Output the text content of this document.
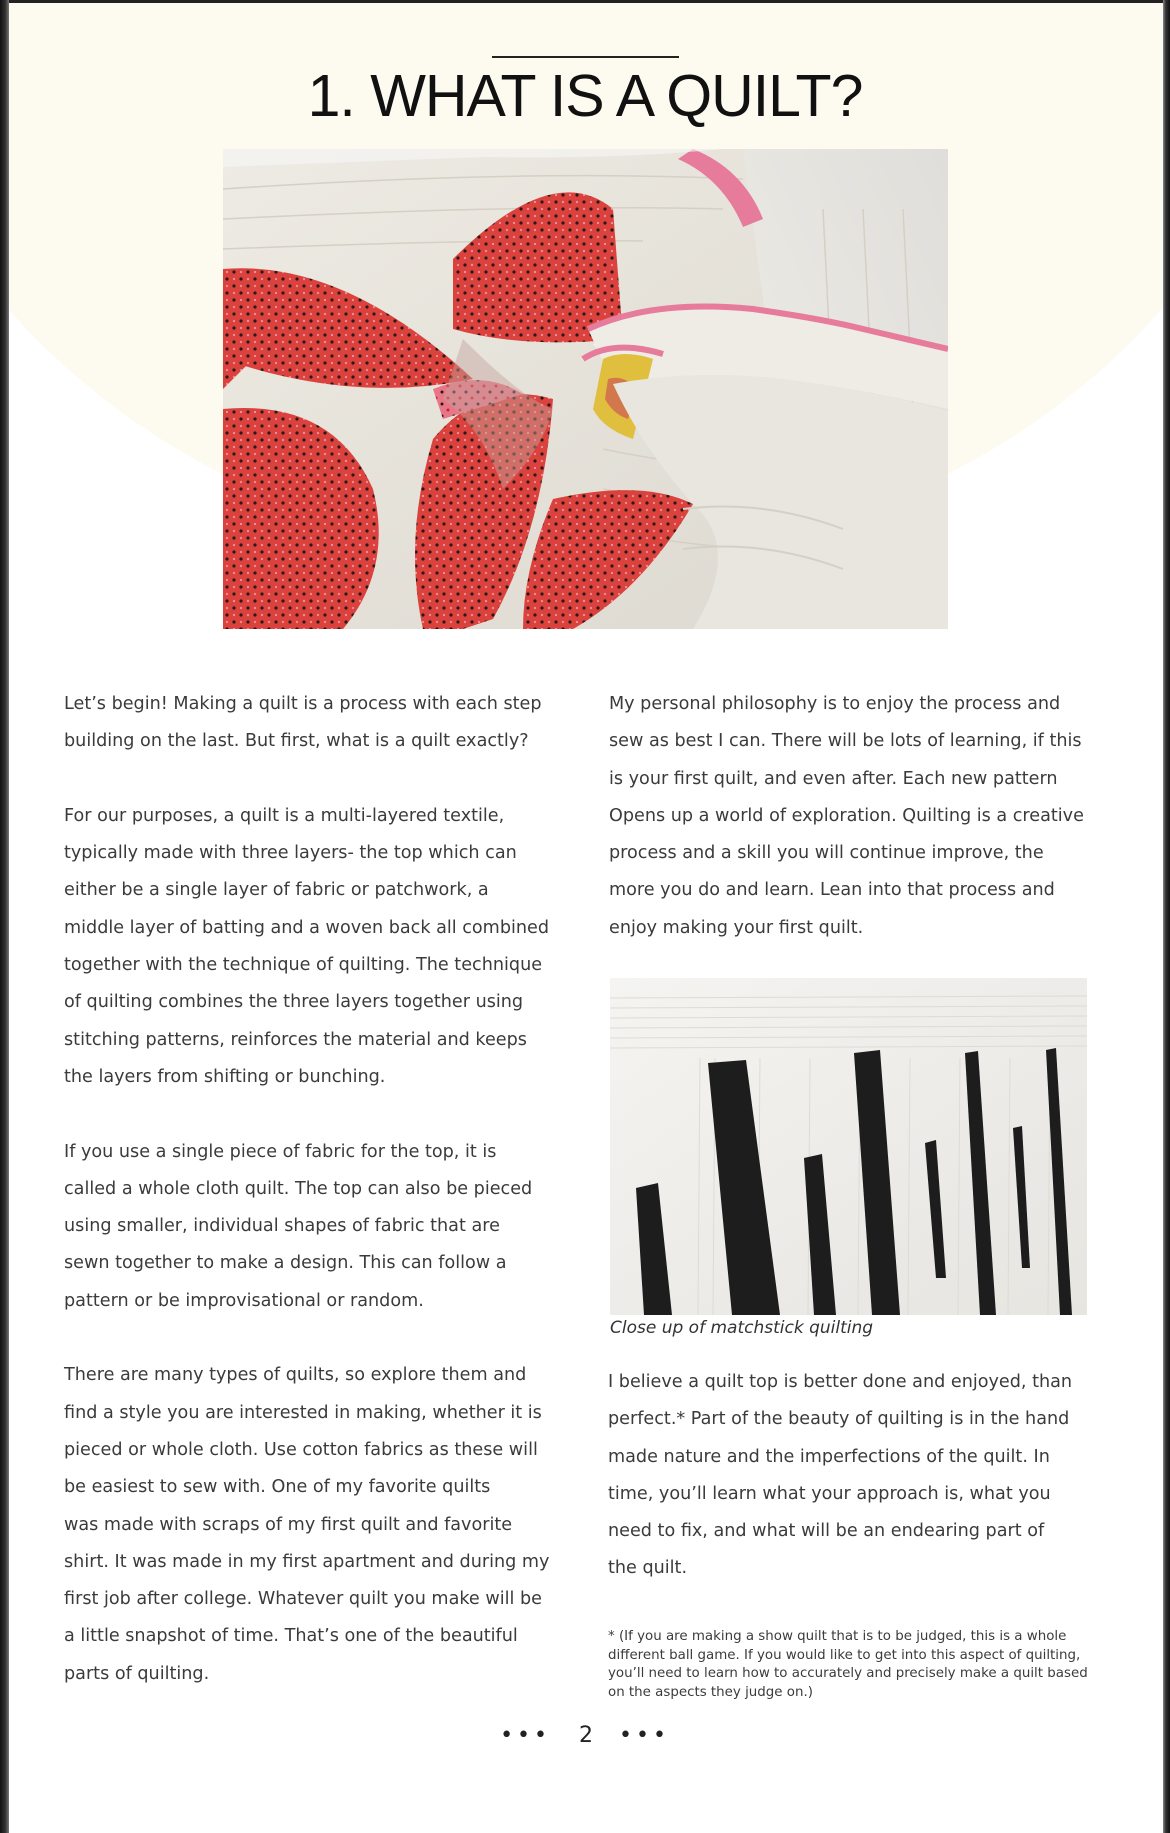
1. WHAT IS A QUILT?

Let’s begin! Making a quilt is a process with each step
building on the last. But first, what is a quilt exactly?

For our purposes, a quilt is a multi-layered textile,
typically made with three layers- the top which can
either be a single layer of fabric or patchwork, a
middle layer of batting and a woven back all combined
together with the technique of quilting. The technique
of quilting combines the three layers together using
stitching patterns, reinforces the material and keeps
the layers from shifting or bunching.

If you use a single piece of fabric for the top, it is
called a whole cloth quilt. The top can also be pieced
using smaller, individual shapes of fabric that are
sewn together to make a design. This can follow a
pattern or be improvisational or random.

There are many types of quilts, so explore them and
find a style you are interested in making, whether it is
pieced or whole cloth. Use cotton fabrics as these will
be easiest to sew with. One of my favorite quilts
was made with scraps of my first quilt and favorite
shirt. It was made in my first apartment and during my
first job after college. Whatever quilt you make will be
a little snapshot of time. That’s one of the beautiful
parts of quilting.

My personal philosophy is to enjoy the process and
sew as best I can. There will be lots of learning, if this
is your first quilt, and even after. Each new pattern
Opens up a world of exploration. Quilting is a creative
process and a skill you will continue improve, the
more you do and learn. Lean into that process and
enjoy making your first quilt.

Close up of matchstick quilting

I believe a quilt top is better done and enjoyed, than
perfect.* Part of the beauty of quilting is in the hand
made nature and the imperfections of the quilt. In
time, you’ll learn what your approach is, what you
need to fix, and what will be an endearing part of
the quilt.

* (If you are making a show quilt that is to be judged, this is a whole
different ball game. If you would like to get into this aspect of quilting,
you’ll need to learn how to accurately and precisely make a quilt based
on the aspects they judge on.)

••• 2 •••
